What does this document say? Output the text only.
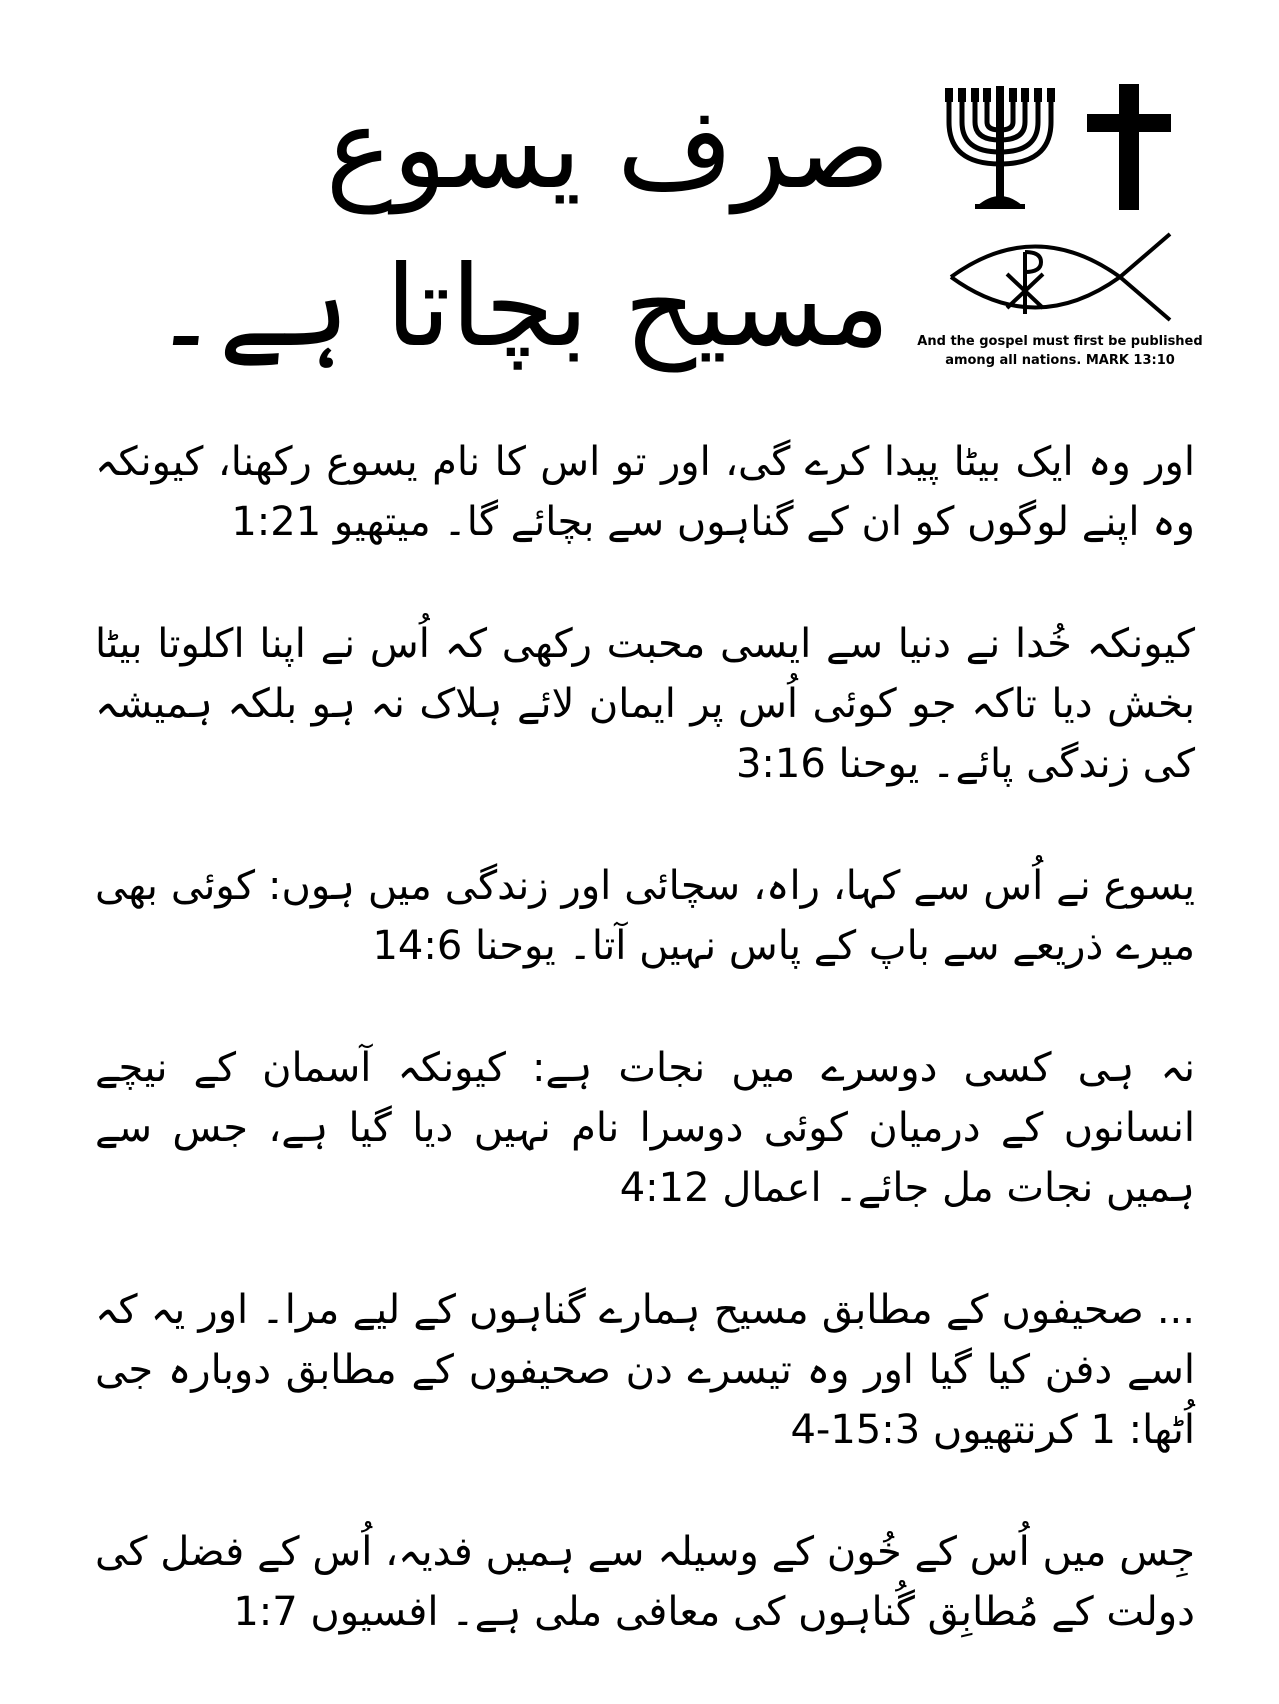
صرف یسوع مسیح بچاتا ہے۔ And the gospel must first be published
among all nations. MARK 13:10

اور وہ ایک بیٹا پیدا کرے گی، اور تو اس کا نام یسوع رکھنا، کیونکہ وہ اپنے لوگوں کو ان کے گناہوں سے بچائے گا۔ میتھیو 1:21

کیونکہ خُدا نے دنیا سے ایسی محبت رکھی کہ اُس نے اپنا اکلوتا بیٹا بخش دیا تاکہ جو کوئی اُس پر ایمان لائے ہلاک نہ ہو بلکہ ہمیشہ کی زندگی پائے۔ یوحنا 3:16

یسوع نے اُس سے کہا، راہ، سچائی اور زندگی میں ہوں: کوئی بھی میرے ذریعے سے باپ کے پاس نہیں آتا۔ یوحنا 14:6

نہ ہی کسی دوسرے میں نجات ہے: کیونکہ آسمان کے نیچے انسانوں کے درمیان کوئی دوسرا نام نہیں دیا گیا ہے، جس سے ہمیں نجات مل جائے۔ اعمال 4:12

... صحیفوں کے مطابق مسیح ہمارے گناہوں کے لیے مرا۔ اور یہ کہ اسے دفن کیا گیا اور وہ تیسرے دن صحیفوں کے مطابق دوبارہ جی اُٹھا: 1 کرنتھیوں 15:3-4

جِس میں اُس کے خُون کے وسیلہ سے ہمیں فدیہ، اُس کے فضل کی دولت کے مُطابِق گُناہوں کی معافی ملی ہے۔ افسیوں 1:7
